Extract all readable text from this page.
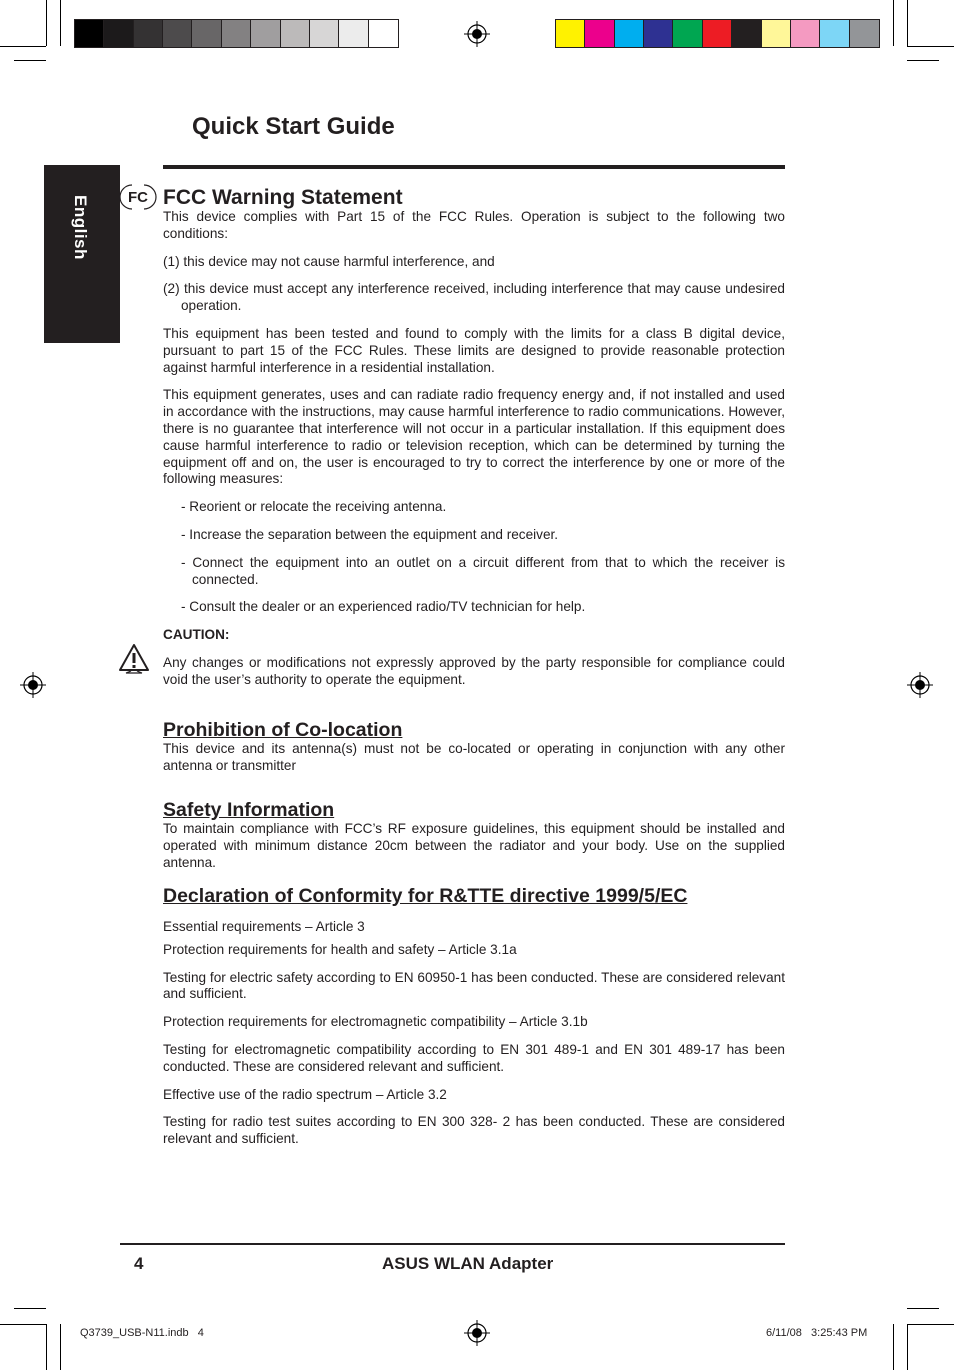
Quick Start Guide
English	FC FCC Warning Statement

This device complies with Part 15 of the FCC Rules. Operation is subject to the following two conditions:

(1) this device may not cause harmful interference, and

(2) this device must accept any interference received, including interference that may cause undesired operation.

This equipment has been tested and found to comply with the limits for a class B digital device, pursuant to part 15 of the FCC Rules. These limits are designed to provide reasonable protection against harmful interference in a residential installation.

This equipment generates, uses and can radiate radio frequency energy and, if not installed and used in accordance with the instructions, may cause harmful interference to radio communications. However, there is no guarantee that interference will not occur in a particular installation. If this equipment does cause harmful interference to radio or television reception, which can be determined by turning the equipment off and on, the user is encouraged to try to correct the interference by one or more of the following measures:

- Reorient or relocate the receiving antenna.

- Increase the separation between the equipment and receiver.

- Connect the equipment into an outlet on a circuit different from that to which the receiver is connected.

- Consult the dealer or an experienced radio/TV technician for help.

CAUTION:

Any changes or modifications not expressly approved by the party responsible for compliance could void the user’s authority to operate the equipment.

Prohibition of Co-location

This device and its antenna(s) must not be co-located or operating in conjunction with any other antenna or transmitter

Safety Information

To maintain compliance with FCC’s RF exposure guidelines, this equipment should be installed and operated with minimum distance 20cm between the radiator and your body. Use on the supplied antenna.

Declaration of Conformity for R&TTE directive 1999/5/EC

Essential requirements – Article 3

Protection requirements for health and safety – Article 3.1a

Testing for electric safety according to EN 60950-1 has been conducted. These are considered relevant and sufficient.

Protection requirements for electromagnetic compatibility – Article 3.1b

Testing for electromagnetic compatibility according to EN 301 489-1 and EN 301 489-17 has been conducted. These are considered relevant and sufficient.

Effective use of the radio spectrum – Article 3.2

Testing for radio test suites according to EN 300 328- 2 has been conducted. These are considered relevant and sufficient.

4	ASUS WLAN Adapter
Q3739_USB-N11.indb   4	6/11/08   3:25:43 PM
